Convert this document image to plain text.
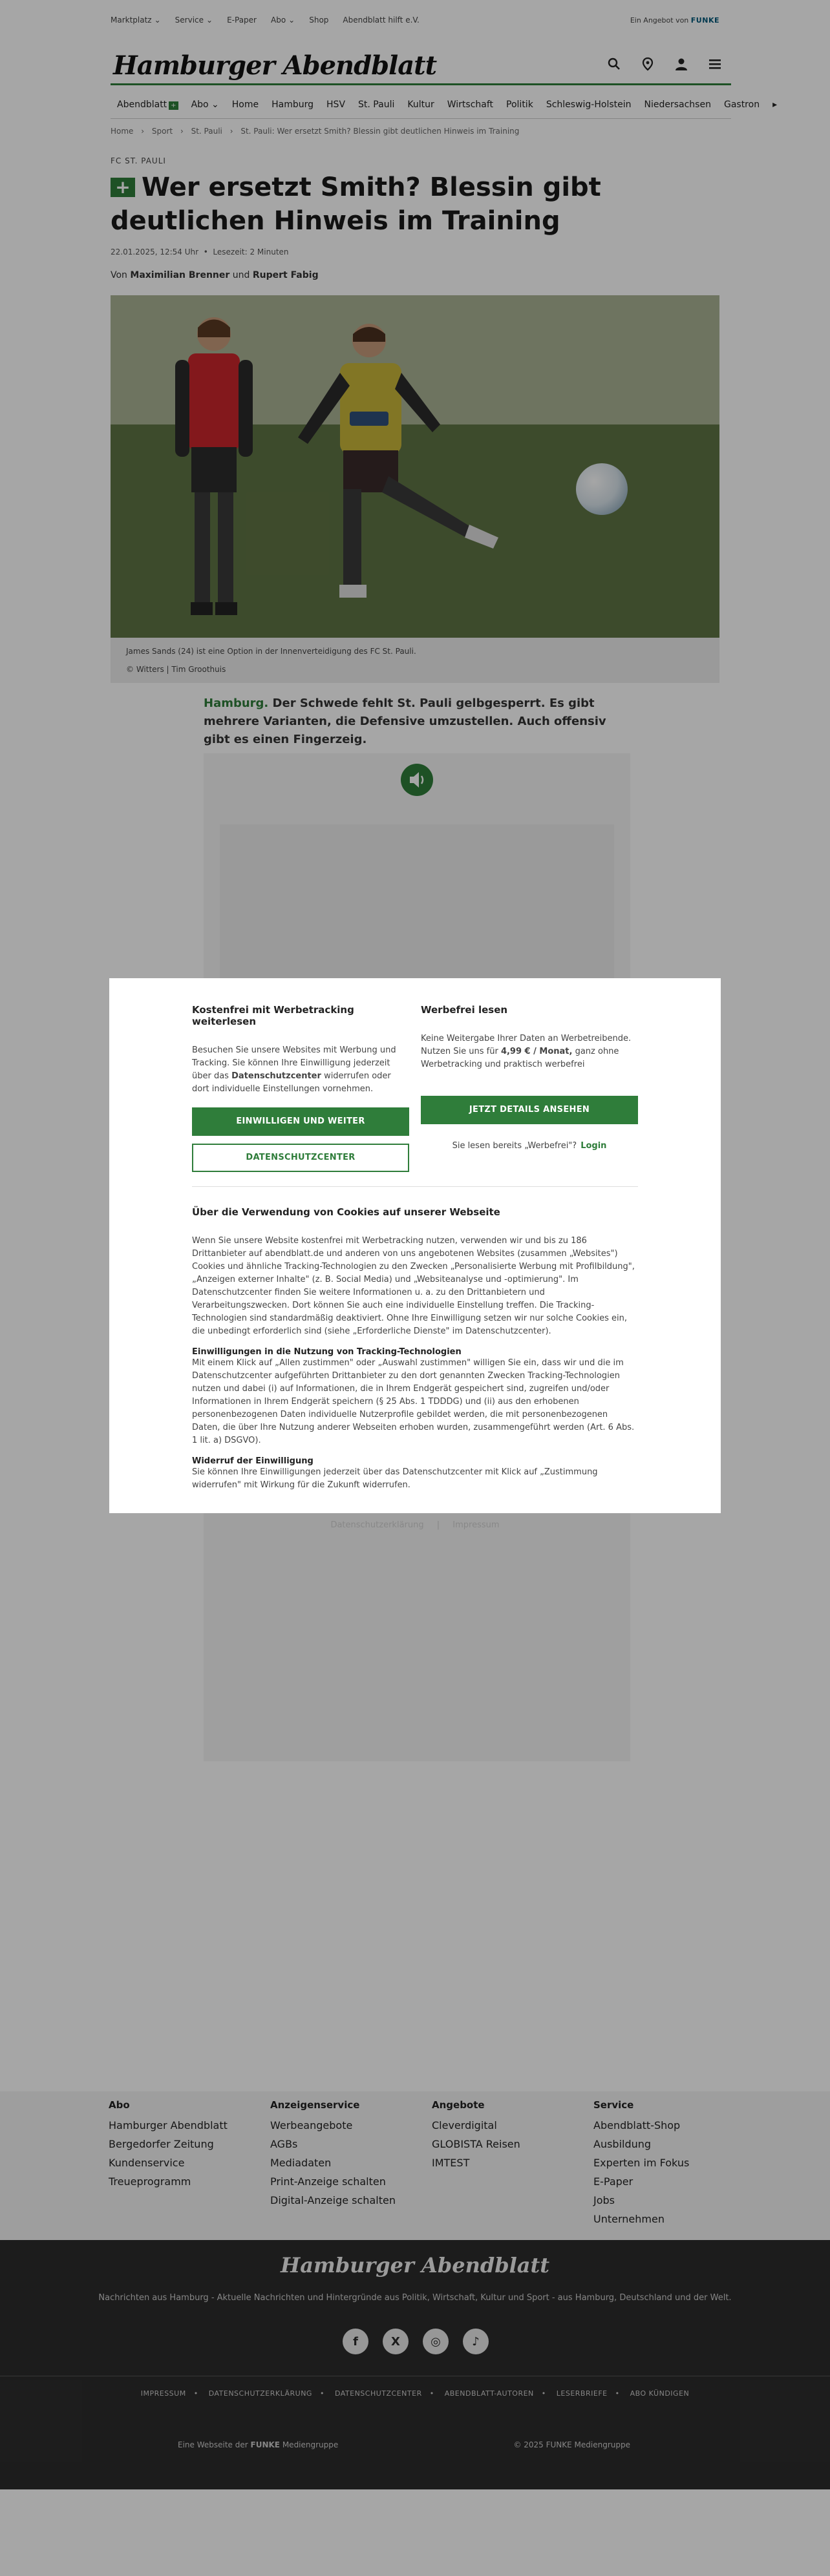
Marktplatz ⌄ Service ⌄ E-Paper Abo ⌄ Shop Abendblatt hilft e.V.	Ein Angebot von FUNKE
Hamburger Abendblatt
Abendblatt +	Abo ⌄	Home	Hamburg	HSV	St. Pauli	Kultur	Wirtschaft	Politik	Schleswig-Holstein	Niedersachsen	Gastron	▸
Home › Sport › St. Pauli › St. Pauli: Wer ersetzt Smith? Blessin gibt deutlichen Hinweis im Training
FC ST. PAULI
+ Wer ersetzt Smith? Blessin gibt deutlichen Hinweis im Training
22.01.2025, 12:54 Uhr  •  Lesezeit: 2 Minuten
Von Maximilian Brenner und Rupert Fabig
James Sands (24) ist eine Option in der Innenverteidigung des FC St. Pauli.
© Witters | Tim Groothuis

Hamburg. Der Schwede fehlt St. Pauli gelbgesperrt. Es gibt mehrere Varianten, die Defensive umzustellen. Auch offensiv gibt es einen Fingerzeig.

Abo
Hamburger Abendblatt
Bergedorfer Zeitung
Kundenservice
Treueprogramm
Anzeigenservice
Werbeangebote
AGBs
Mediadaten
Print-Anzeige schalten
Digital-Anzeige schalten
Angebote
Cleverdigital
GLOBISTA Reisen
IMTEST
Service
Abendblatt-Shop
Ausbildung
Experten im Fokus
E-Paper
Jobs
Unternehmen
Hamburger Abendblatt
Nachrichten aus Hamburg - Aktuelle Nachrichten und Hintergründe aus Politik, Wirtschaft, Kultur und Sport - aus Hamburg, Deutschland und der Welt.
f	X	◎	♪
IMPRESSUM • DATENSCHUTZERKLÄRUNG • DATENSCHUTZCENTER • ABENDBLATT-AUTOREN • LESERBRIEFE • ABO KÜNDIGEN
Eine Webseite der FUNKE Mediengruppe	© 2025 FUNKE Mediengruppe
Kostenfrei mit Werbetracking weiterlesen

Besuchen Sie unsere Websites mit Werbung und Tracking. Sie können Ihre Einwilligung jederzeit über das Datenschutzcenter widerrufen oder dort individuelle Einstellungen vornehmen.

EINWILLIGEN UND WEITER
DATENSCHUTZCENTER
Werbefrei lesen

Keine Weitergabe Ihrer Daten an Werbetreibende. Nutzen Sie uns für 4,99 € / Monat, ganz ohne Werbetracking und praktisch werbefrei

JETZT DETAILS ANSEHEN
Sie lesen bereits „Werbefrei"? Login
Über die Verwendung von Cookies auf unserer Webseite

Wenn Sie unsere Website kostenfrei mit Werbetracking nutzen, verwenden wir und bis zu 186 Drittanbieter auf abendblatt.de und anderen von uns angebotenen Websites (zusammen „Websites") Cookies und ähnliche Tracking-Technologien zu den Zwecken „Personalisierte Werbung mit Profilbildung", „Anzeigen externer Inhalte" (z. B. Social Media) und „Websiteanalyse und -optimierung". Im Datenschutzcenter finden Sie weitere Informationen u. a. zu den Drittanbietern und Verarbeitungszwecken. Dort können Sie auch eine individuelle Einstellung treffen. Die Tracking-Technologien sind standardmäßig deaktiviert. Ohne Ihre Einwilligung setzen wir nur solche Cookies ein, die unbedingt erforderlich sind (siehe „Erforderliche Dienste" im Datenschutzcenter).

Einwilligungen in die Nutzung von Tracking-Technologien

Mit einem Klick auf „Allen zustimmen" oder „Auswahl zustimmen" willigen Sie ein, dass wir und die im Datenschutzcenter aufgeführten Drittanbieter zu den dort genannten Zwecken Tracking-Technologien nutzen und dabei (i) auf Informationen, die in Ihrem Endgerät gespeichert sind, zugreifen und/oder Informationen in Ihrem Endgerät speichern (§ 25 Abs. 1 TDDDG) und (ii) aus den erhobenen personenbezogenen Daten individuelle Nutzerprofile gebildet werden, die mit personenbezogenen Daten, die über Ihre Nutzung anderer Webseiten erhoben wurden, zusammengeführt werden (Art. 6 Abs. 1 lit. a) DSGVO).

Widerruf der Einwilligung

Sie können Ihre Einwilligungen jederzeit über das Datenschutzcenter mit Klick auf „Zustimmung widerrufen" mit Wirkung für die Zukunft widerrufen.

Datenschutzerklärung | Impressum
